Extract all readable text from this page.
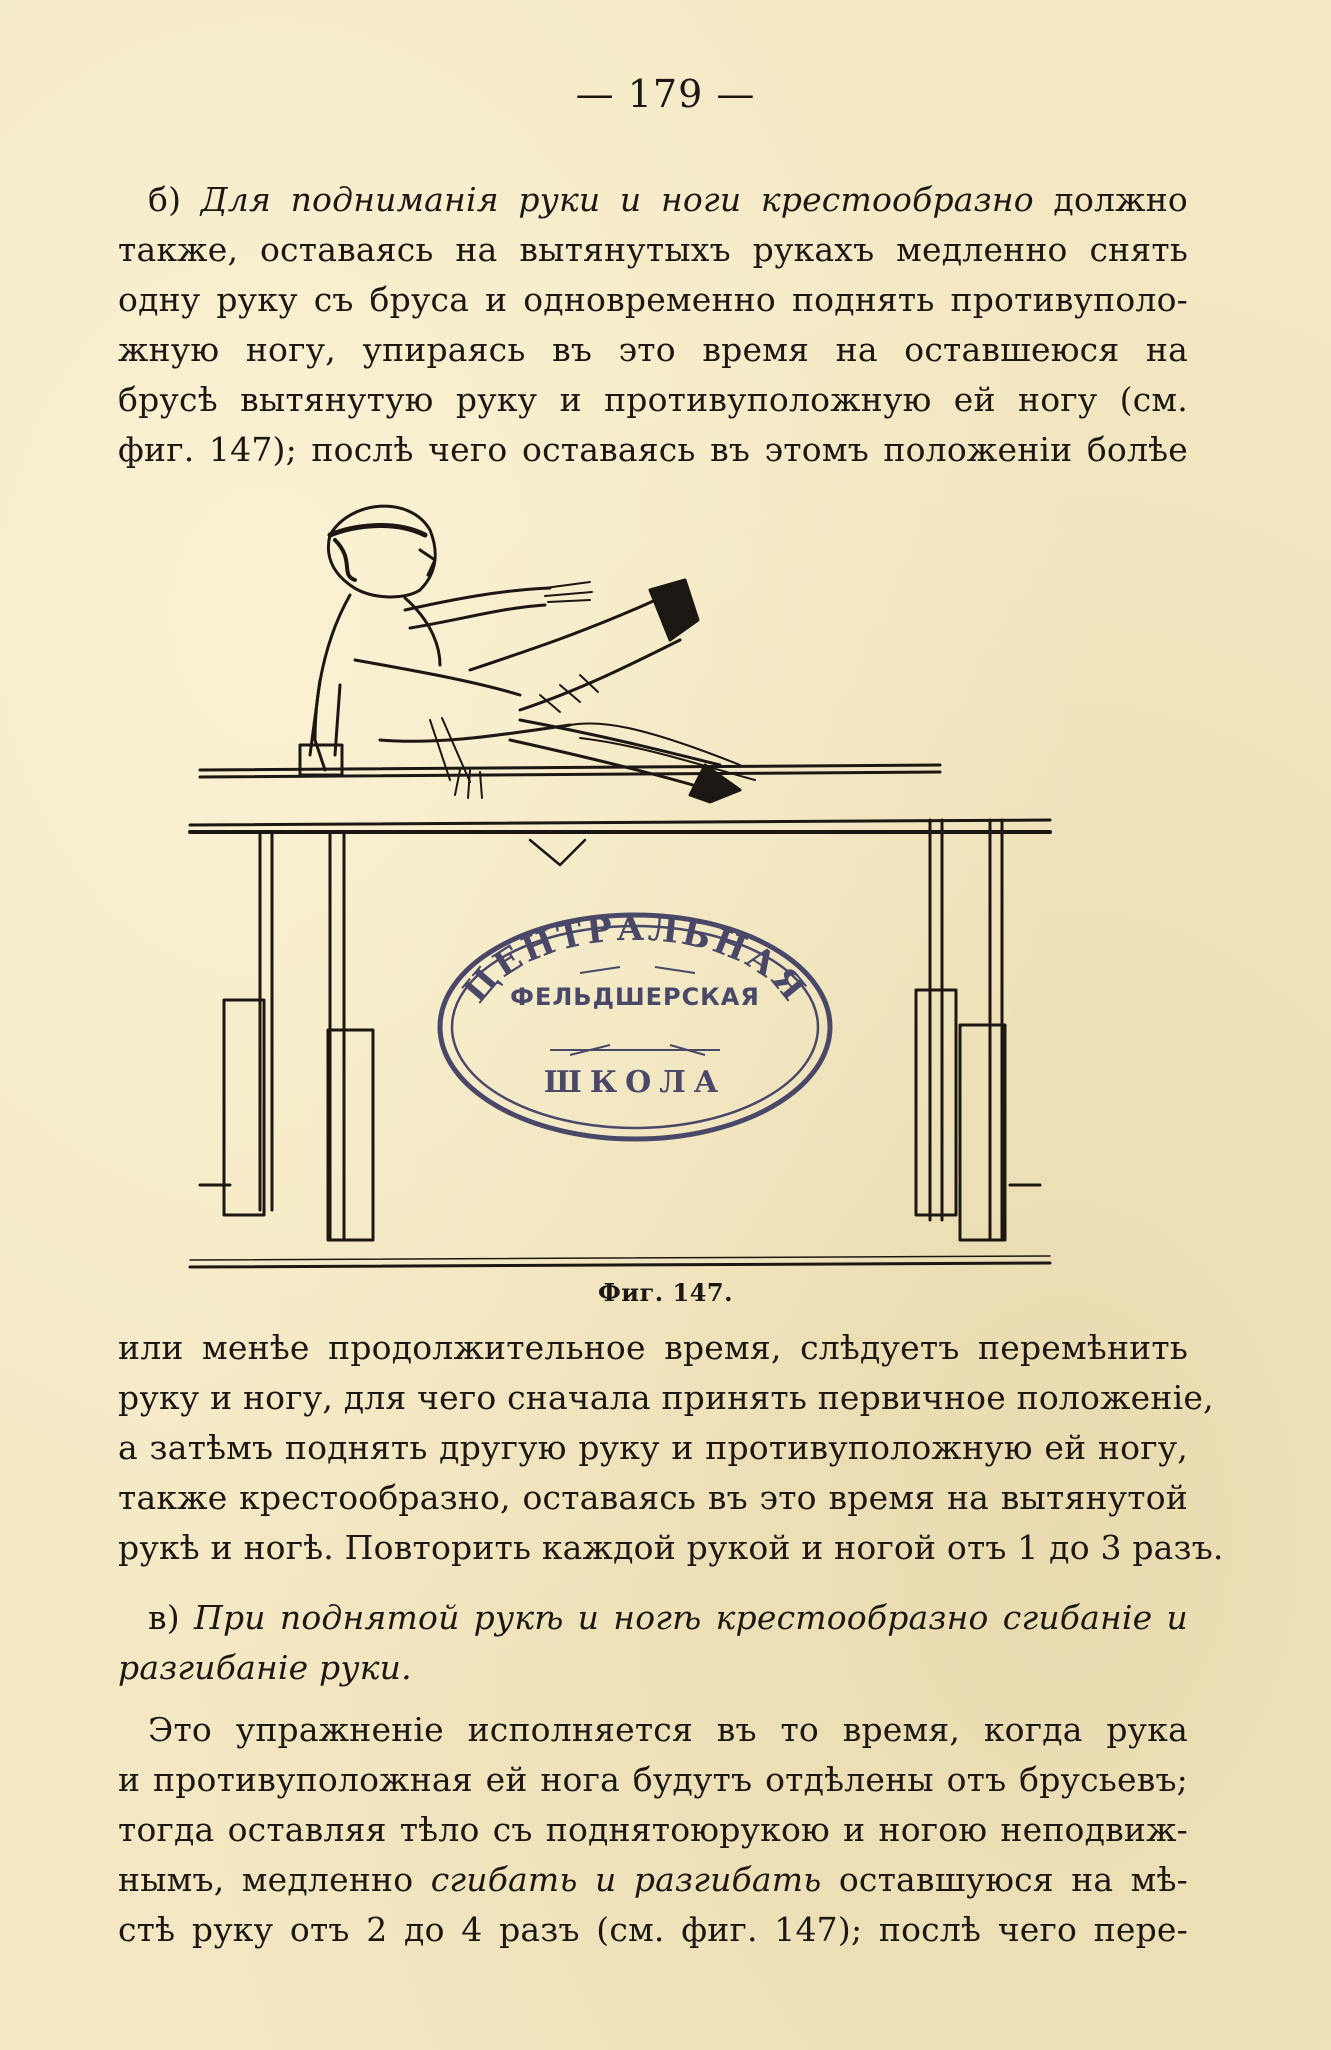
— 179 —
б) Для подниманія руки и ноги крестообразно должно
также, оставаясь на вытянутыхъ рукахъ медленно снять
одну руку съ бруса и одновременно поднять противуполо-
жную ногу, упираясь въ это время на оставшеюся на
брусѣ вытянутую руку и противуположную ей ногу (см.
фиг. 147); послѣ чего оставаясь въ этомъ положеніи болѣе
ЦЕНТРАЛЬНАЯ
ФЕЛЬДШЕРСКАЯ
ШКОЛА
Фиг. 147.
или менѣе продолжительное время, слѣдуетъ перемѣнить
руку и ногу, для чего сначала принять первичное положеніе,
а затѣмъ поднять другую руку и противуположную ей ногу,
также крестообразно, оставаясь въ это время на вытянутой
рукѣ и ногѣ. Повторить каждой рукой и ногой отъ 1 до 3 разъ.
в) При поднятой рукѣ и ногѣ крестообразно сгибаніе и
разгибаніе руки.
Это упражненіе исполняется въ то время, когда рука
и противуположная ей нога будутъ отдѣлены отъ брусьевъ;
тогда оставляя тѣло съ поднятоюрукою и ногою неподвиж-
нымъ, медленно сгибать и разгибать оставшуюся на мѣ-
стѣ руку отъ 2 до 4 разъ (см. фиг. 147); послѣ чего пере-
